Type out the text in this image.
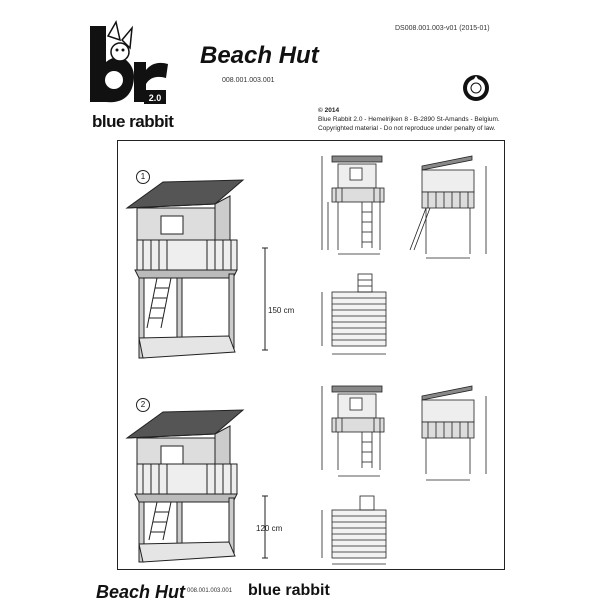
DS008.001.003-v01 (2015-01)
2.0
blue rabbit
Beach Hut
008.001.003.001
© 2014
Blue Rabbit 2.0 - Hemelrijken 8 - B-2890 St-Amands - Belgium.
Copyrighted material - Do not reproduce under penalty of law.
1
150 cm
2
120 cm
Beach Hut 008.001.003.001 blue rabbit
